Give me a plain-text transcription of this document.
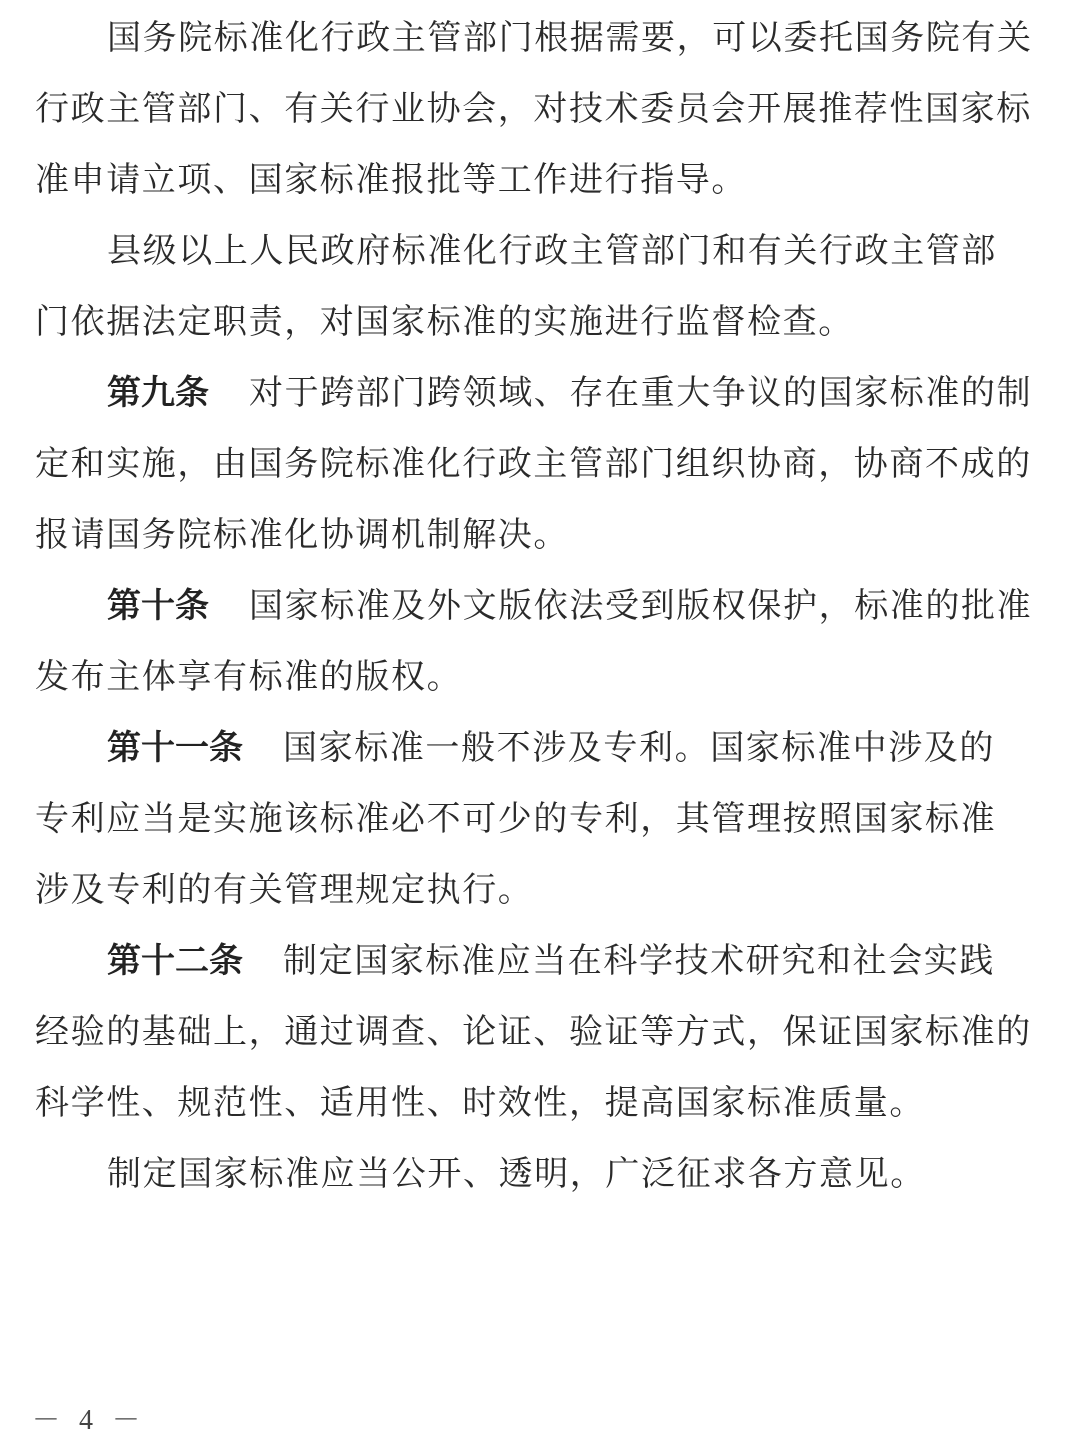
国务院标准化行政主管部门根据需要，可以委托国务院有关
行政主管部门、有关行业协会，对技术委员会开展推荐性国家标
准申请立项、国家标准报批等工作进行指导。
县级以上人民政府标准化行政主管部门和有关行政主管部
门依据法定职责，对国家标准的实施进行监督检查。
第九条 对于跨部门跨领域、存在重大争议的国家标准的制
定和实施，由国务院标准化行政主管部门组织协商，协商不成的
报请国务院标准化协调机制解决。
第十条 国家标准及外文版依法受到版权保护，标准的批准
发布主体享有标准的版权。
第十一条 国家标准一般不涉及专利。国家标准中涉及的
专利应当是实施该标准必不可少的专利，其管理按照国家标准
涉及专利的有关管理规定执行。
第十二条 制定国家标准应当在科学技术研究和社会实践
经验的基础上，通过调查、论证、验证等方式，保证国家标准的
科学性、规范性、适用性、时效性，提高国家标准质量。
制定国家标准应当公开、透明，广泛征求各方意见。
－ 4 －
